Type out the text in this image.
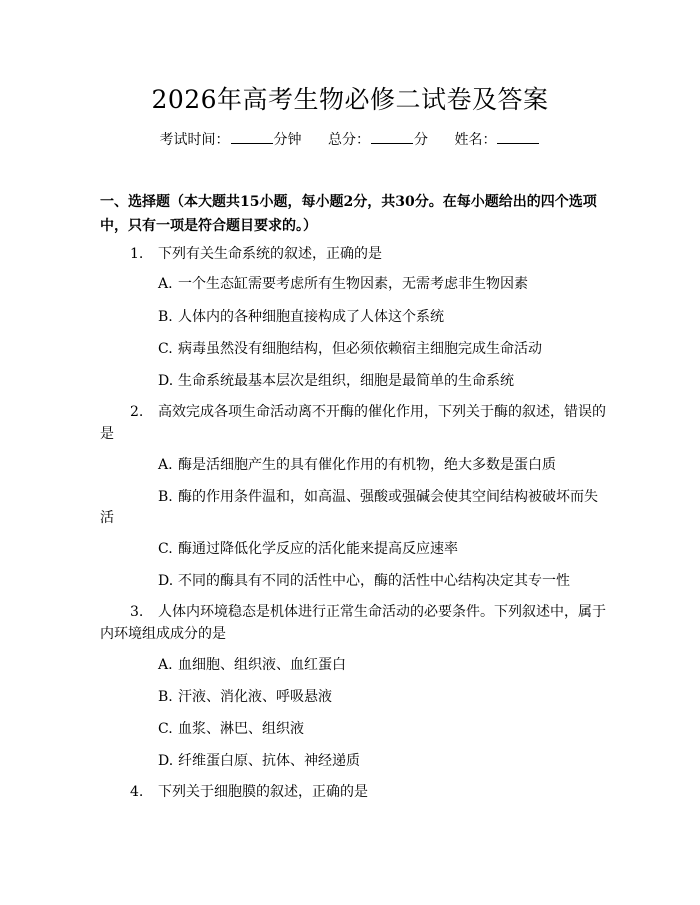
2026年高考生物必修二试卷及答案
考试时间：	分钟 总分：	分 姓名：
一、选择题（本大题共15小题，每小题2分，共30分。在每小题给出的四个选项中，只有一项是符合题目要求的。）
1. 下列有关生命系统的叙述，正确的是
A. 一个生态缸需要考虑所有生物因素，无需考虑非生物因素
B. 人体内的各种细胞直接构成了人体这个系统
C. 病毒虽然没有细胞结构，但必须依赖宿主细胞完成生命活动
D. 生命系统最基本层次是组织，细胞是最简单的生命系统
2. 高效完成各项生命活动离不开酶的催化作用，下列关于酶的叙述，错误的
是
A. 酶是活细胞产生的具有催化作用的有机物，绝大多数是蛋白质
B. 酶的作用条件温和，如高温、强酸或强碱会使其空间结构被破坏而失
活
C. 酶通过降低化学反应的活化能来提高反应速率
D. 不同的酶具有不同的活性中心，酶的活性中心结构决定其专一性
3. 人体内环境稳态是机体进行正常生命活动的必要条件。下列叙述中，属于
内环境组成成分的是
A. 血细胞、组织液、血红蛋白
B. 汗液、消化液、呼吸悬液
C. 血浆、淋巴、组织液
D. 纤维蛋白原、抗体、神经递质
4. 下列关于细胞膜的叙述，正确的是
